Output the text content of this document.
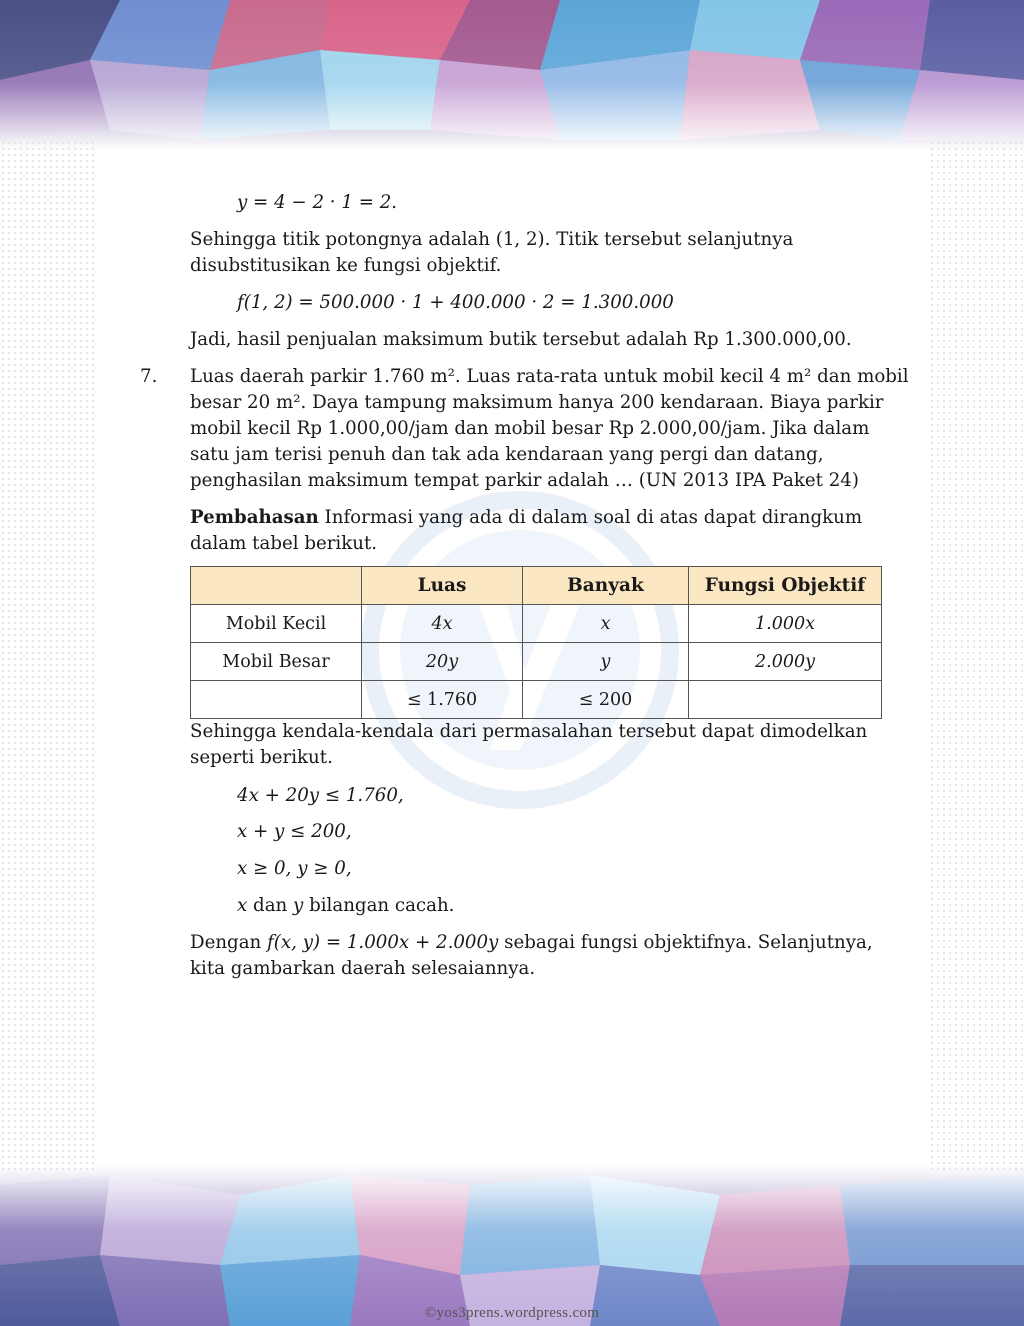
y = 4 − 2 · 1 = 2.
Sehingga titik potongnya adalah (1, 2). Titik tersebut selanjutnya
disubstitusikan ke fungsi objektif.
f(1, 2) = 500.000 · 1 + 400.000 · 2 = 1.300.000
Jadi, hasil penjualan maksimum butik tersebut adalah Rp 1.300.000,00.
7. Luas daerah parkir 1.760 m². Luas rata-rata untuk mobil kecil 4 m² dan mobil
besar 20 m². Daya tampung maksimum hanya 200 kendaraan. Biaya parkir
mobil kecil Rp 1.000,00/jam dan mobil besar Rp 2.000,00/jam. Jika dalam
satu jam terisi penuh dan tak ada kendaraan yang pergi dan datang,
penghasilan maksimum tempat parkir adalah … (UN 2013 IPA Paket 24)
Pembahasan Informasi yang ada di dalam soal di atas dapat dirangkum
dalam tabel berikut.
	Luas	Banyak	Fungsi Objektif
Mobil Kecil	4x	x	1.000x
Mobil Besar	20y	y	2.000y
	≤ 1.760	≤ 200	
Sehingga kendala-kendala dari permasalahan tersebut dapat dimodelkan
seperti berikut.
4x + 20y ≤ 1.760,
x + y ≤ 200,
x ≥ 0, y ≥ 0,
x dan y bilangan cacah.
Dengan f(x, y) = 1.000x + 2.000y sebagai fungsi objektifnya. Selanjutnya,
kita gambarkan daerah selesaiannya.
©yos3prens.wordpress.com
